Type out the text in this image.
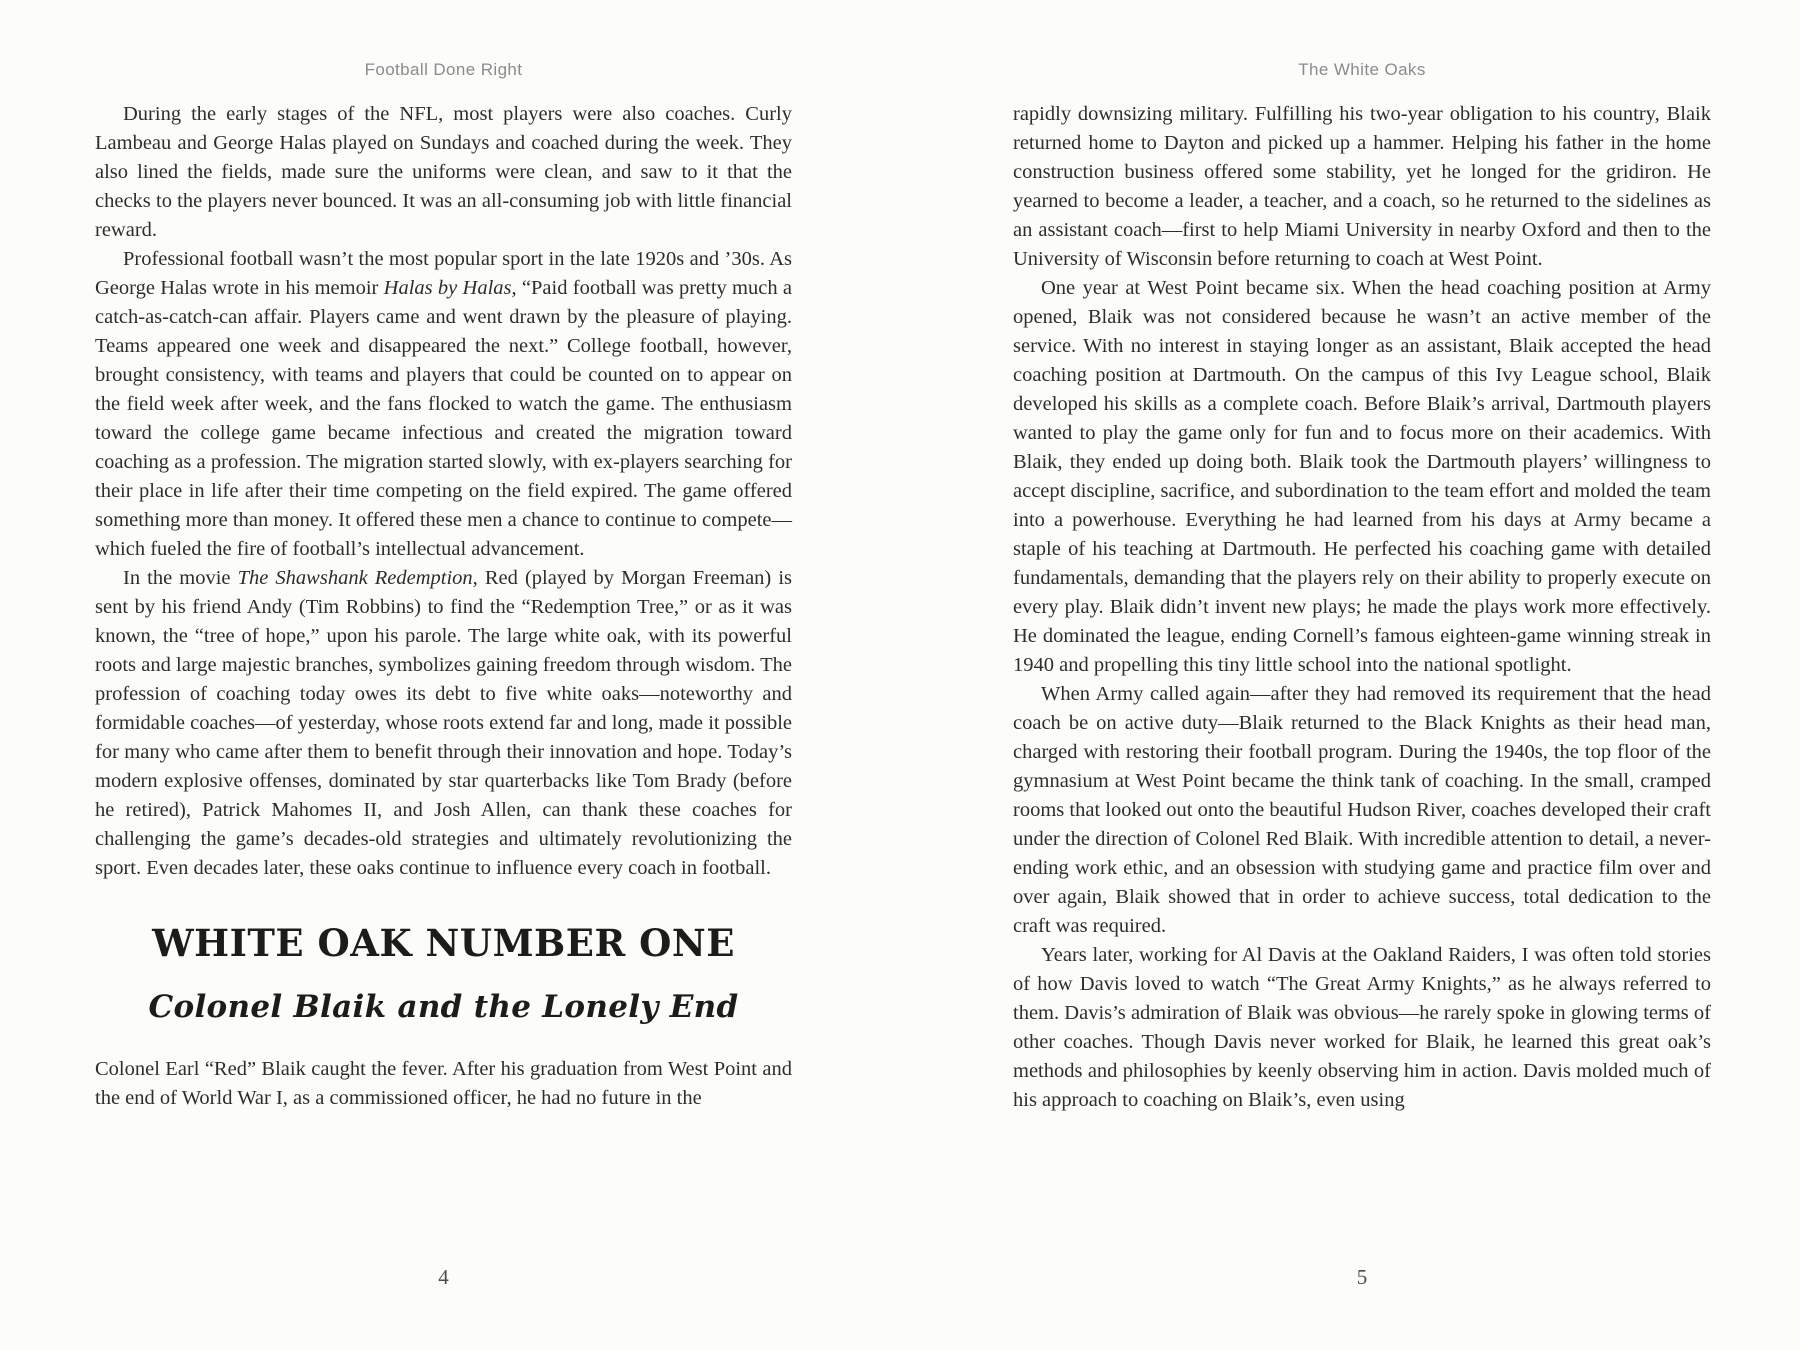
Football Done Right

During the early stages of the NFL, most players were also coaches. Curly Lambeau and George Halas played on Sundays and coached during the week. They also lined the fields, made sure the uniforms were clean, and saw to it that the checks to the players never bounced. It was an all-consuming job with little financial reward.

Professional football wasn’t the most popular sport in the late 1920s and ’30s. As George Halas wrote in his memoir Halas by Halas, “Paid football was pretty much a catch-as-catch-can affair. Players came and went drawn by the pleasure of playing. Teams appeared one week and disappeared the next.” College football, however, brought consistency, with teams and players that could be counted on to appear on the field week after week, and the fans flocked to watch the game. The enthusiasm toward the college game became infectious and created the migration toward coaching as a profession. The migration started slowly, with ex-players searching for their place in life after their time competing on the field expired. The game offered something more than money. It offered these men a chance to continue to compete—which fueled the fire of football’s intellectual advancement.

In the movie The Shawshank Redemption, Red (played by Morgan Freeman) is sent by his friend Andy (Tim Robbins) to find the “Redemption Tree,” or as it was known, the “tree of hope,” upon his parole. The large white oak, with its powerful roots and large majestic branches, symbolizes gaining freedom through wisdom. The profession of coaching today owes its debt to five white oaks—noteworthy and formidable coaches—of yesterday, whose roots extend far and long, made it possible for many who came after them to benefit through their innovation and hope. Today’s modern explosive offenses, dominated by star quarterbacks like Tom Brady (before he retired), Patrick Mahomes II, and Josh Allen, can thank these coaches for challenging the game’s decades-old strategies and ultimately revolutionizing the sport. Even decades later, these oaks continue to influence every coach in football.

WHITE OAK NUMBER ONE
Colonel Blaik and the Lonely End

Colonel Earl “Red” Blaik caught the fever. After his graduation from West Point and the end of World War I, as a commissioned officer, he had no future in the

4
The White Oaks

rapidly downsizing military. Fulfilling his two-year obligation to his country, Blaik returned home to Dayton and picked up a hammer. Helping his father in the home construction business offered some stability, yet he longed for the gridiron. He yearned to become a leader, a teacher, and a coach, so he returned to the sidelines as an assistant coach—first to help Miami University in nearby Oxford and then to the University of Wisconsin before returning to coach at West Point.

One year at West Point became six. When the head coaching position at Army opened, Blaik was not considered because he wasn’t an active member of the service. With no interest in staying longer as an assistant, Blaik accepted the head coaching position at Dartmouth. On the campus of this Ivy League school, Blaik developed his skills as a complete coach. Before Blaik’s arrival, Dartmouth players wanted to play the game only for fun and to focus more on their academics. With Blaik, they ended up doing both. Blaik took the Dartmouth players’ willingness to accept discipline, sacrifice, and subordination to the team effort and molded the team into a powerhouse. Everything he had learned from his days at Army became a staple of his teaching at Dartmouth. He perfected his coaching game with detailed fundamentals, demanding that the players rely on their ability to properly execute on every play. Blaik didn’t invent new plays; he made the plays work more effectively. He dominated the league, ending Cornell’s famous eighteen-game winning streak in 1940 and propelling this tiny little school into the national spotlight.

When Army called again—after they had removed its requirement that the head coach be on active duty—Blaik returned to the Black Knights as their head man, charged with restoring their football program. During the 1940s, the top floor of the gymnasium at West Point became the think tank of coaching. In the small, cramped rooms that looked out onto the beautiful Hudson River, coaches developed their craft under the direction of Colonel Red Blaik. With incredible attention to detail, a never-ending work ethic, and an obsession with studying game and practice film over and over again, Blaik showed that in order to achieve success, total dedication to the craft was required.

Years later, working for Al Davis at the Oakland Raiders, I was often told stories of how Davis loved to watch “The Great Army Knights,” as he always referred to them. Davis’s admiration of Blaik was obvious—he rarely spoke in glowing terms of other coaches. Though Davis never worked for Blaik, he learned this great oak’s methods and philosophies by keenly observing him in action. Davis molded much of his approach to coaching on Blaik’s, even using

5
